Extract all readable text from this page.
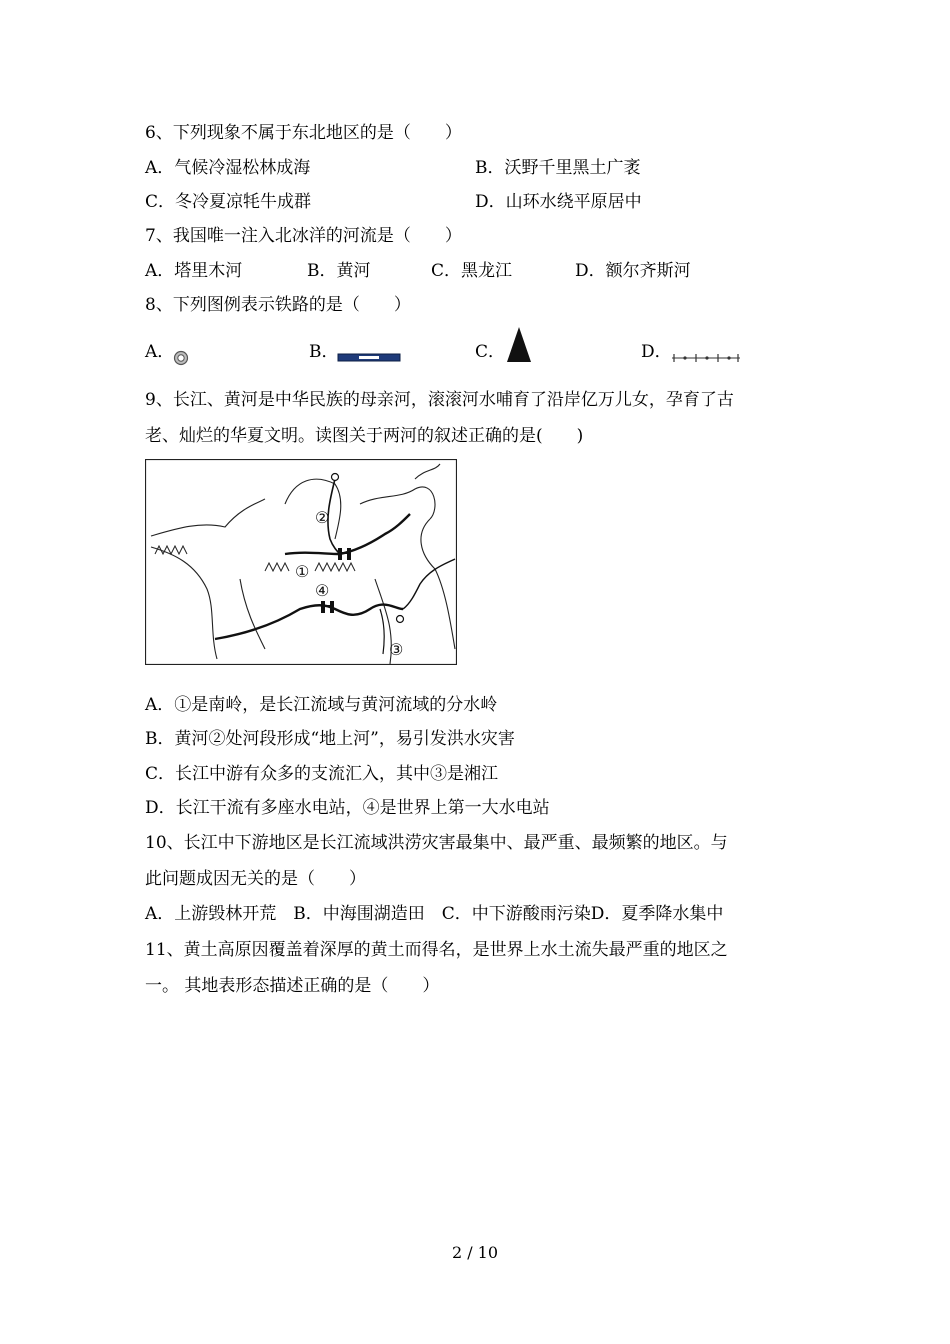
6、下列现象不属于东北地区的是（　　）
A．气候冷湿松林成海	B．沃野千里黑土广袤
C．冬冷夏凉牦牛成群	D．山环水绕平原居中
7、我国唯一注入北冰洋的河流是（　　）
A．塔里木河	B．黄河	C．黑龙江	D．额尔齐斯河
8、下列图例表示铁路的是（　　）
A．	B．	C．	D．
9、长江、黄河是中华民族的母亲河，滚滚河水哺育了沿岸亿万儿女，孕育了古
老、灿烂的华夏文明。读图关于两河的叙述正确的是(　　)
①
②
③
④
A．①是南岭，是长江流域与黄河流域的分水岭
B．黄河②处河段形成“地上河”，易引发洪水灾害
C．长江中游有众多的支流汇入，其中③是湘江
D．长江干流有多座水电站，④是世界上第一大水电站
10、长江中下游地区是长江流域洪涝灾害最集中、最严重、最频繁的地区。与
此问题成因无关的是（　　）
A．上游毁林开荒　B．中海围湖造田　C．中下游酸雨污染D．夏季降水集中
11、黄土高原因覆盖着深厚的黄土而得名，是世界上水土流失最严重的地区之
一。 其地表形态描述正确的是（　　）
2 / 10
